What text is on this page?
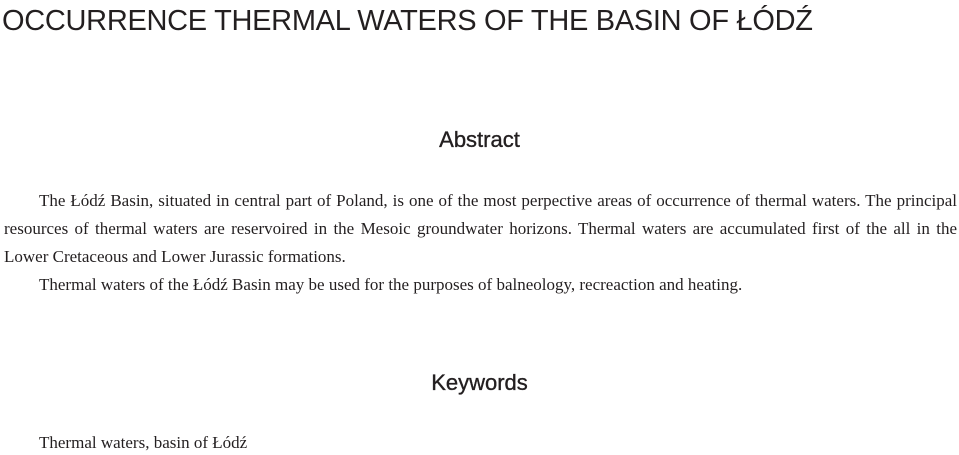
OCCURRENCE THERMAL WATERS OF THE BASIN OF ŁÓDŹ
Abstract
The Łódź Basin, situated in central part of Poland, is one of the most perpective areas of occurrence of thermal waters. The principal resources of thermal waters are reservoired in the Mesoic groundwater horizons. Thermal waters are accumulated first of the all in the Lower Cretaceous and Lower Jurassic formations.
Thermal waters of the Łódź Basin may be used for the purposes of balneology, recreaction and heating.
Keywords

Thermal waters, basin of Łódź
